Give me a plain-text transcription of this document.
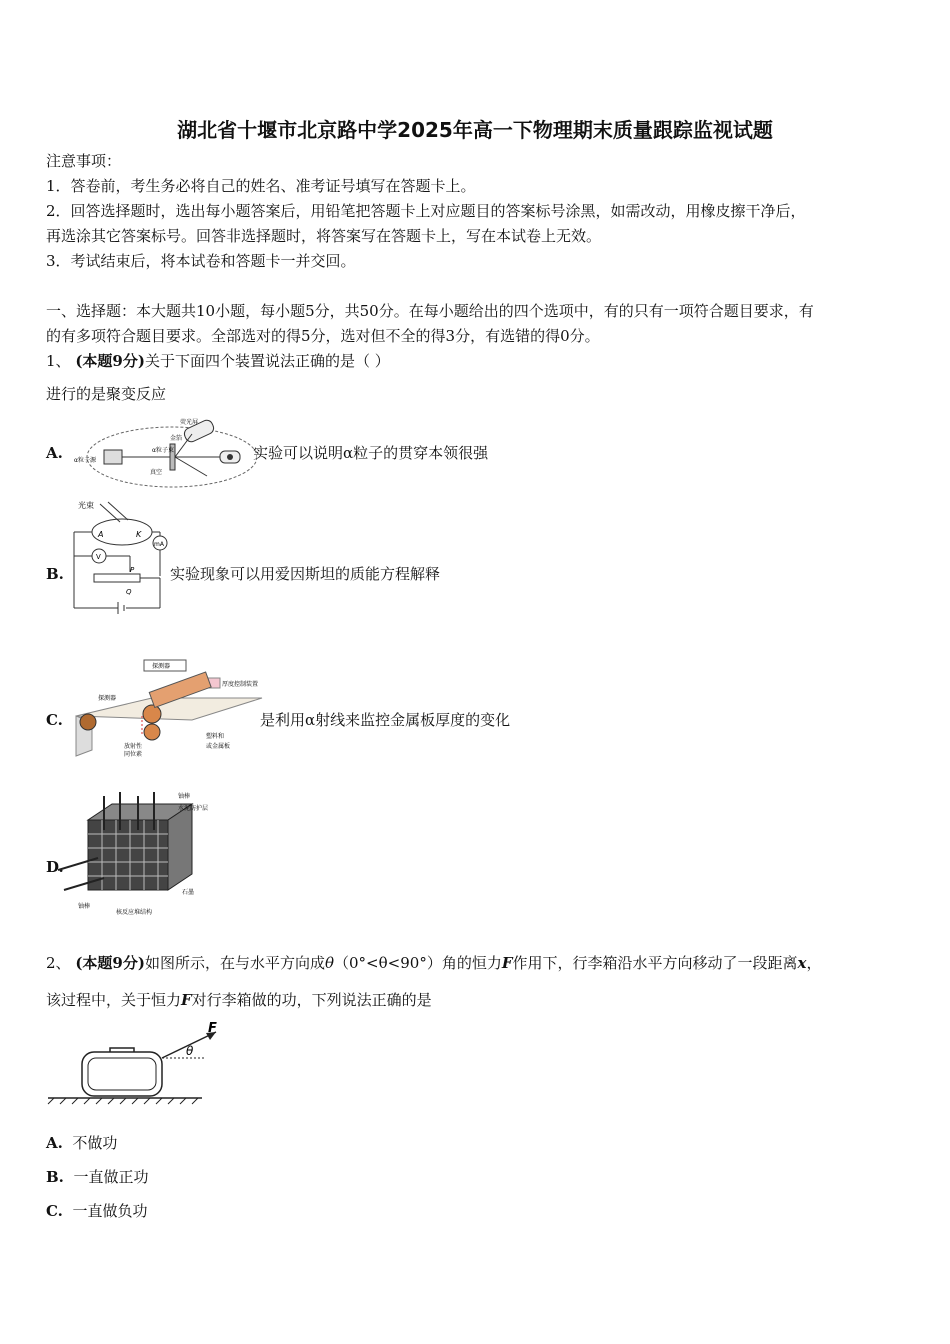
湖北省十堰市北京路中学2025年高一下物理期末质量跟踪监视试题
注意事项：
1．答卷前，考生务必将自己的姓名、准考证号填写在答题卡上。
2．回答选择题时，选出每小题答案后，用铅笔把答题卡上对应题目的答案标号涂黑，如需改动，用橡皮擦干净后，
再选涂其它答案标号。回答非选择题时，将答案写在答题卡上，写在本试卷上无效。
3．考试结束后，将本试卷和答题卡一并交回。
一、选择题：本大题共10小题，每小题5分，共50分。在每小题给出的四个选项中，有的只有一项符合题目要求，有
的有多项符合题目要求。全部选对的得5分，选对但不全的得3分，有选错的得0分。
1、 (本题9分)关于下面四个装置说法正确的是（ ）
进行的是聚变反应
A.
荧光屏
金箔
α粒子束
α粒子源
真空
实验可以说明α粒子的贯穿本领很强
B.
光束
A	K
mA
V
P
Q
实验现象可以用爱因斯坦的质能方程解释
C.
探测器
厚度控制装置
探测器
放射性
同位素
塑料和
或金属板
是利用α射线来监控金属板厚度的变化
D.
铀棒
水泥防护层
石墨
铀棒
核反应堆结构
2、 (本题9分)如图所示，在与水平方向成θ（0°<θ<90°）角的恒力F作用下，行李箱沿水平方向移动了一段距离x，
该过程中，关于恒力F对行李箱做的功，下列说法正确的是
F
θ
A. 不做功
B. 一直做正功
C. 一直做负功
